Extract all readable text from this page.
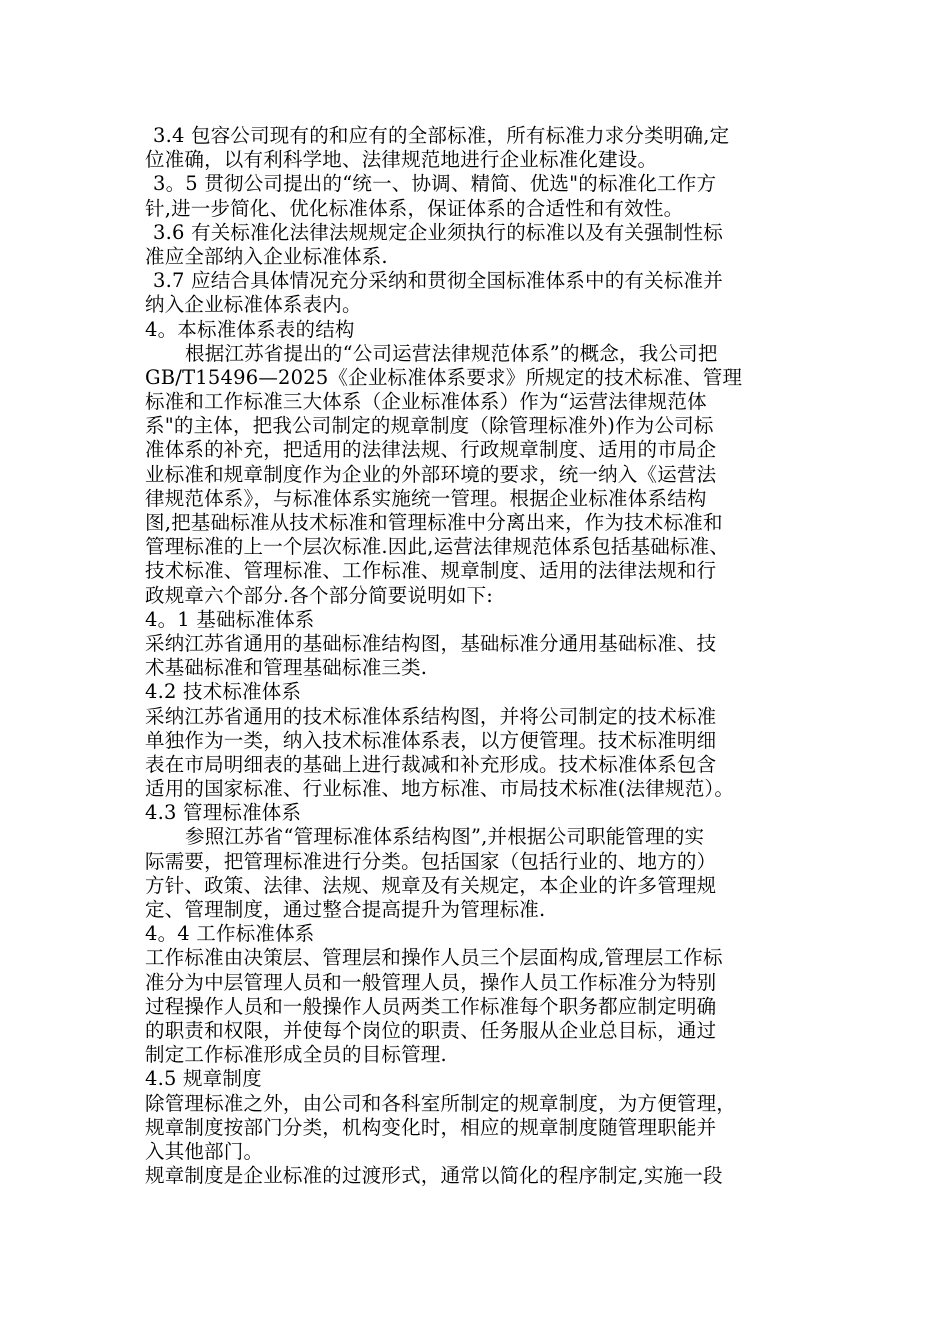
3.4 包容公司现有的和应有的全部标准，所有标准力求分类明确,定
位准确，以有利科学地、法律规范地进行企业标准化建设。
3。5 贯彻公司提出的“统一、协调、精简、优选"的标准化工作方
针,进一步简化、优化标准体系，保证体系的合适性和有效性。
3.6 有关标准化法律法规规定企业须执行的标准以及有关强制性标
准应全部纳入企业标准体系.
3.7 应结合具体情况充分采纳和贯彻全国标准体系中的有关标准并
纳入企业标准体系表内。
4。本标准体系表的结构
根据江苏省提出的“公司运营法律规范体系”的概念，我公司把
GB/T15496—2025《企业标准体系要求》所规定的技术标准、管理
标准和工作标准三大体系（企业标准体系）作为“运营法律规范体
系"的主体，把我公司制定的规章制度（除管理标准外)作为公司标
准体系的补充，把适用的法律法规、行政规章制度、适用的市局企
业标准和规章制度作为企业的外部环境的要求，统一纳入《运营法
律规范体系》，与标准体系实施统一管理。根据企业标准体系结构
图,把基础标准从技术标准和管理标准中分离出来，作为技术标准和
管理标准的上一个层次标准.因此,运营法律规范体系包括基础标准、
技术标准、管理标准、工作标准、规章制度、适用的法律法规和行
政规章六个部分.各个部分简要说明如下:
4。1 基础标准体系
采纳江苏省通用的基础标准结构图，基础标准分通用基础标准、技
术基础标准和管理基础标准三类.
4.2 技术标准体系
采纳江苏省通用的技术标准体系结构图，并将公司制定的技术标准
单独作为一类，纳入技术标准体系表，以方便管理。技术标准明细
表在市局明细表的基础上进行裁减和补充形成。技术标准体系包含
适用的国家标准、行业标准、地方标准、市局技术标准(法律规范）。
4.3 管理标准体系
参照江苏省“管理标准体系结构图”,并根据公司职能管理的实
际需要，把管理标准进行分类。包括国家（包括行业的、地方的）
方针、政策、法律、法规、规章及有关规定，本企业的许多管理规
定、管理制度，通过整合提高提升为管理标准.
4。4 工作标准体系
工作标准由决策层、管理层和操作人员三个层面构成,管理层工作标
准分为中层管理人员和一般管理人员，操作人员工作标准分为特别
过程操作人员和一般操作人员两类工作标准每个职务都应制定明确
的职责和权限，并使每个岗位的职责、任务服从企业总目标，通过
制定工作标准形成全员的目标管理.
4.5 规章制度
除管理标准之外，由公司和各科室所制定的规章制度，为方便管理，
规章制度按部门分类，机构变化时，相应的规章制度随管理职能并
入其他部门。
规章制度是企业标准的过渡形式，通常以简化的程序制定,实施一段
